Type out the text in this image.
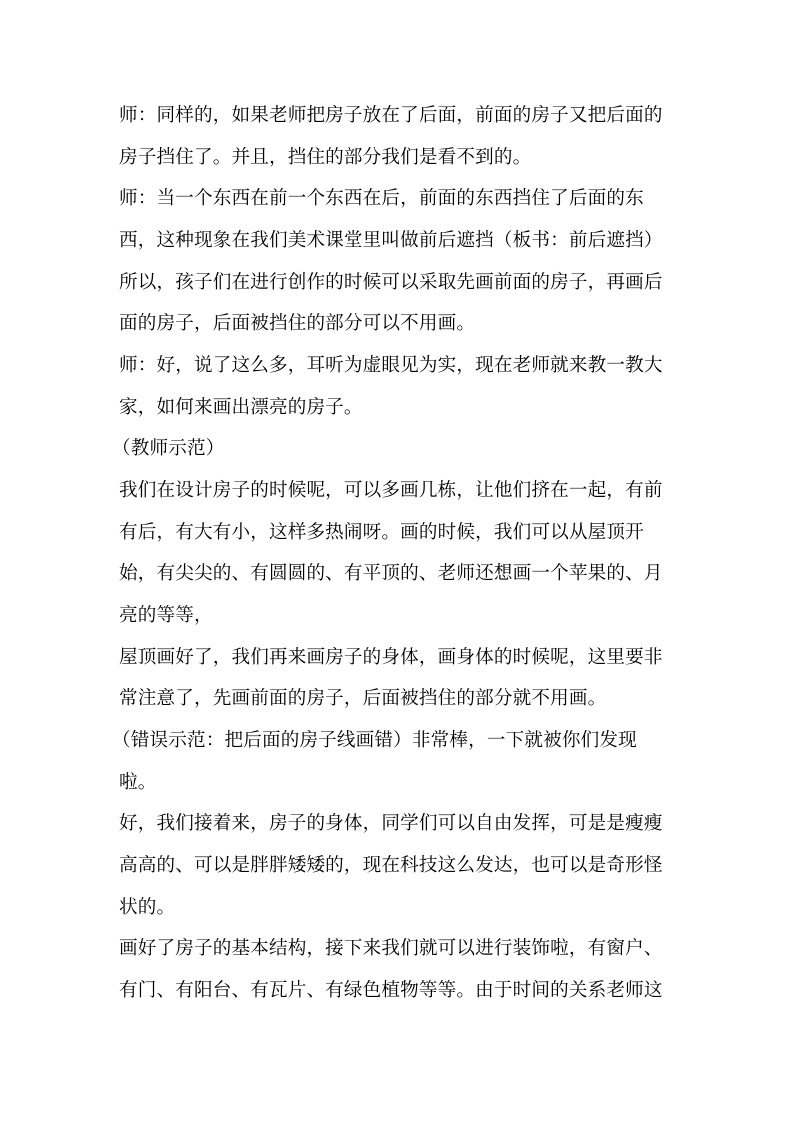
师：同样的，如果老师把房子放在了后面，前面的房子又把后面的
房子挡住了。并且，挡住的部分我们是看不到的。
师：当一个东西在前一个东西在后，前面的东西挡住了后面的东
西，这种现象在我们美术课堂里叫做前后遮挡（板书：前后遮挡）
所以，孩子们在进行创作的时候可以采取先画前面的房子，再画后
面的房子，后面被挡住的部分可以不用画。
师：好，说了这么多，耳听为虚眼见为实，现在老师就来教一教大
家，如何来画出漂亮的房子。
（教师示范）
我们在设计房子的时候呢，可以多画几栋，让他们挤在一起，有前
有后，有大有小，这样多热闹呀。画的时候，我们可以从屋顶开
始，有尖尖的、有圆圆的、有平顶的、老师还想画一个苹果的、月
亮的等等，
屋顶画好了，我们再来画房子的身体，画身体的时候呢，这里要非
常注意了，先画前面的房子，后面被挡住的部分就不用画。
（错误示范：把后面的房子线画错）非常棒，一下就被你们发现
啦。
好，我们接着来，房子的身体，同学们可以自由发挥，可是是瘦瘦
高高的、可以是胖胖矮矮的，现在科技这么发达，也可以是奇形怪
状的。
画好了房子的基本结构，接下来我们就可以进行装饰啦，有窗户、
有门、有阳台、有瓦片、有绿色植物等等。由于时间的关系老师这
